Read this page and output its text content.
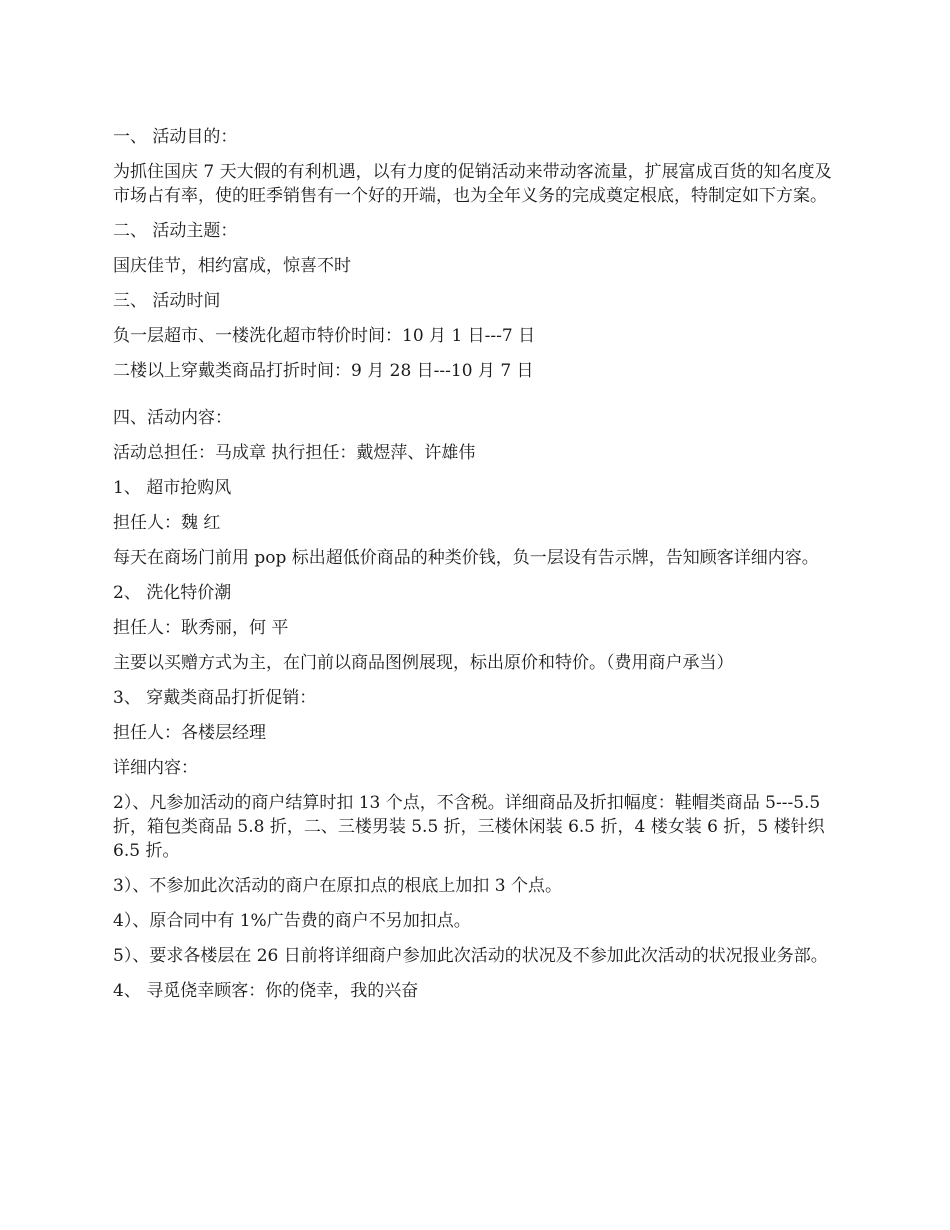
一、 活动目的：

为抓住国庆 7 天大假的有利机遇，以有力度的促销活动来带动客流量，扩展富成百货的知名度及市场占有率，使的旺季销售有一个好的开端，也为全年义务的完成奠定根底，特制定如下方案。

二、 活动主题：

国庆佳节，相约富成，惊喜不时

三、 活动时间

负一层超市、一楼洗化超市特价时间：10 月 1 日---7 日

二楼以上穿戴类商品打折时间：9 月 28 日---10 月 7 日

四、活动内容：

活动总担任：马成章 执行担任：戴煜萍、许雄伟

1、 超市抢购风

担任人：魏 红

每天在商场门前用 pop 标出超低价商品的种类价钱，负一层设有告示牌，告知顾客详细内容。

2、 洗化特价潮

担任人：耿秀丽，何 平

主要以买赠方式为主，在门前以商品图例展现，标出原价和特价。（费用商户承当）

3、 穿戴类商品打折促销：

担任人：各楼层经理

详细内容：

2）、凡参加活动的商户结算时扣 13 个点，不含税。详细商品及折扣幅度：鞋帽类商品 5---5.5 折，箱包类商品 5.8 折，二、三楼男装 5.5 折，三楼休闲装 6.5 折，4 楼女装 6 折，5 楼针织 6.5 折。

3）、不参加此次活动的商户在原扣点的根底上加扣 3 个点。

4）、原合同中有 1%广告费的商户不另加扣点。

5）、要求各楼层在 26 日前将详细商户参加此次活动的状况及不参加此次活动的状况报业务部。

4、 寻觅侥幸顾客：你的侥幸，我的兴奋
